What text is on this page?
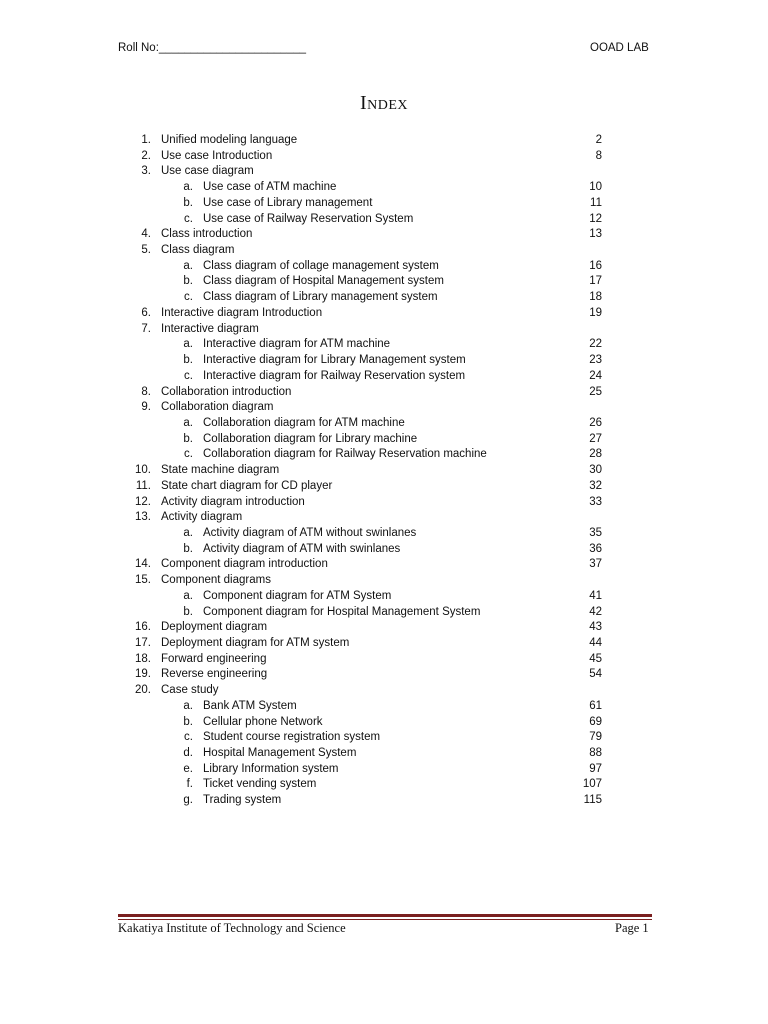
Roll No:_______________________	OOAD LAB
Index
1. Unified modeling language	2
2. Use case Introduction	8
3. Use case diagram
a. Use case of ATM machine	10
b. Use case of Library management	11
c. Use case of Railway Reservation System	12
4. Class introduction	13
5. Class diagram
a. Class diagram of collage management system	16
b. Class diagram of Hospital Management system	17
c. Class diagram of Library management system	18
6. Interactive diagram Introduction	19
7. Interactive diagram
a. Interactive diagram for ATM machine	22
b. Interactive diagram for Library Management system	23
c. Interactive diagram for Railway Reservation system	24
8. Collaboration introduction	25
9. Collaboration diagram
a. Collaboration diagram for ATM machine	26
b. Collaboration diagram for Library machine	27
c. Collaboration diagram for Railway Reservation machine	28
10. State machine diagram	30
11. State chart diagram for CD player	32
12. Activity diagram introduction	33
13. Activity diagram
a. Activity diagram of ATM without swinlanes	35
b. Activity diagram of ATM with swinlanes	36
14. Component diagram introduction	37
15. Component diagrams
a. Component diagram for ATM System	41
b. Component diagram for Hospital Management System	42
16. Deployment diagram	43
17. Deployment diagram for ATM system	44
18. Forward engineering	45
19. Reverse engineering	54
20. Case study
a. Bank ATM System	61
b. Cellular phone Network	69
c. Student course registration system	79
d. Hospital Management System	88
e. Library Information system	97
f. Ticket vending system	107
g. Trading system	115
Kakatiya Institute of Technology and Science	Page 1
